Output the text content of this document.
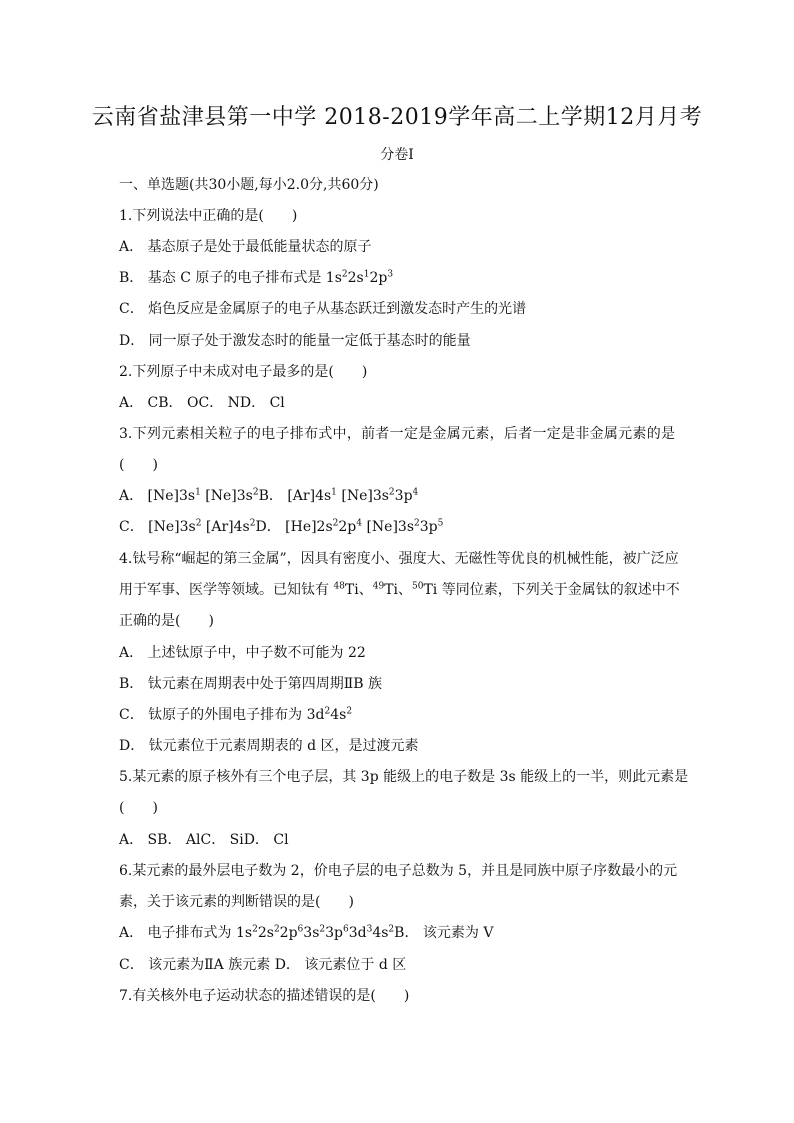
云南省盐津县第一中学 2018-2019学年高二上学期12月月考
分卷I
一、单选题(共30小题,每小2.0分,共60分)
1.下列说法中正确的是(　　)
A． 基态原子是处于最低能量状态的原子
B． 基态 C 原子的电子排布式是 $1s^22s^12p^3$
C． 焰色反应是金属原子的电子从基态跃迁到激发态时产生的光谱
D． 同一原子处于激发态时的能量一定低于基态时的能量
2.下列原子中未成对电子最多的是(　　)
A． CB． OC． ND． Cl
3.下列元素相关粒子的电子排布式中，前者一定是金属元素，后者一定是非金属元素的是
(　　)
A． $[Ne]3s^1$ $[Ne]3s^2B$． $[Ar]4s^1$ $[Ne]3s^23p^4$
C． $[Ne]3s^2$ $[Ar]4s^2D$． $[He]2s^22p^4$ $[Ne]3s^23p^5$
4.钛号称“崛起的第三金属”，因具有密度小、强度大、无磁性等优良的机械性能，被广泛应
用于军事、医学等领域。已知钛有 $^{48}$Ti、$^{49}$Ti、$^{50}$Ti 等同位素，下列关于金属钛的叙述中不
正确的是(　　)
A． 上述钛原子中，中子数不可能为 22
B． 钛元素在周期表中处于第四周期ⅡB 族
C． 钛原子的外围电子排布为 $3d^24s^2$
D． 钛元素位于元素周期表的 d 区，是过渡元素
5.某元素的原子核外有三个电子层，其 3p 能级上的电子数是 3s 能级上的一半，则此元素是
(　　)
A． SB． AlC． SiD． Cl
6.某元素的最外层电子数为 2，价电子层的电子总数为 5，并且是同族中原子序数最小的元
素，关于该元素的判断错误的是(　　)
A． 电子排布式为 $1s^22s^22p^63s^23p^63d^34s^2B$． 该元素为 V
C． 该元素为ⅡA 族元素 D． 该元素位于 d 区
7.有关核外电子运动状态的描述错误的是(　　)
